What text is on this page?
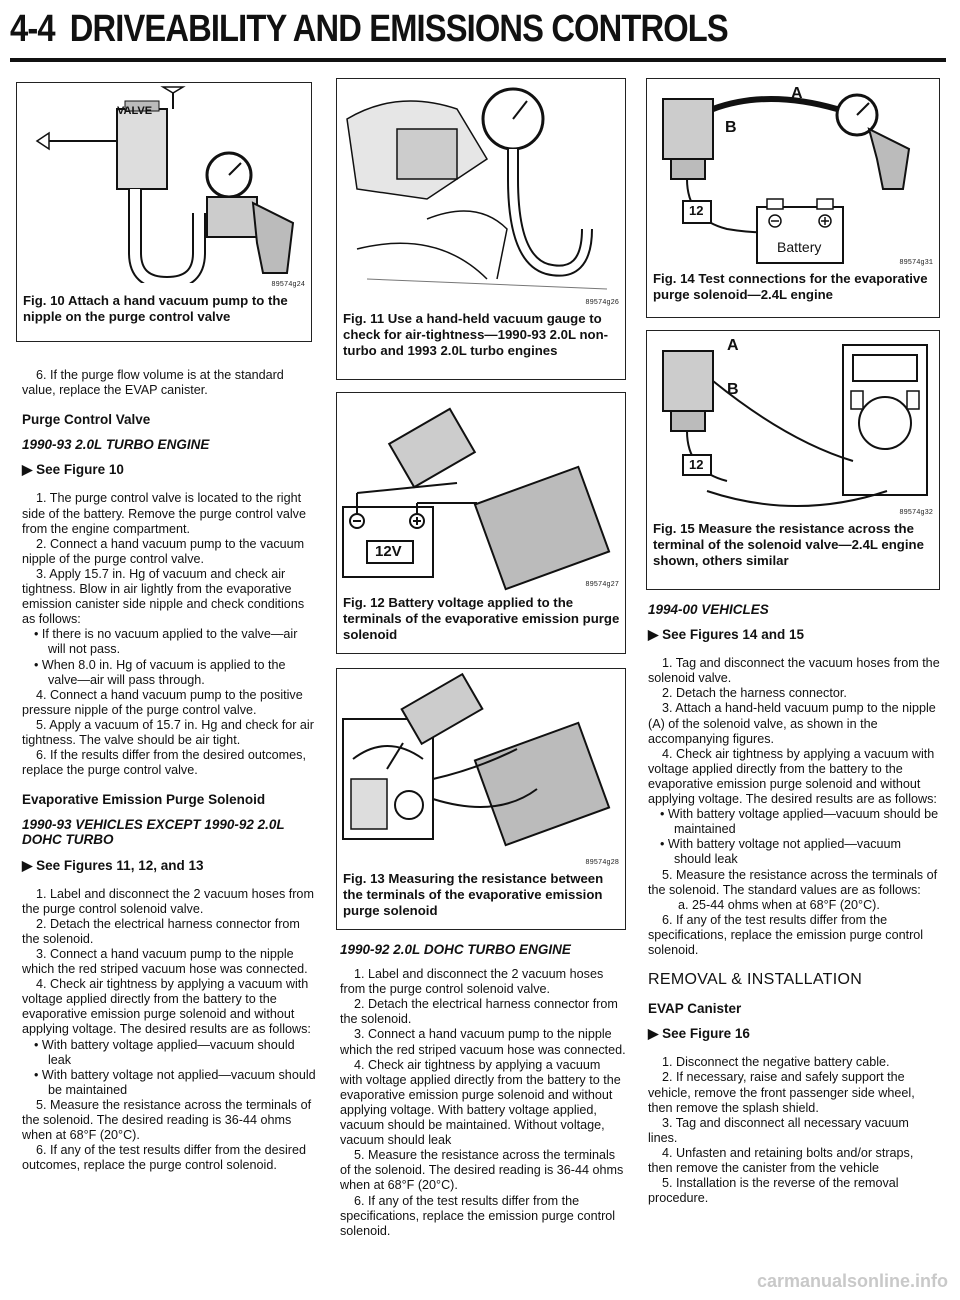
4-4 DRIVEABILITY AND EMISSIONS CONTROLS
VALVE
89574g24
Fig. 10 Attach a hand vacuum pump to the nipple on the purge control valve
89574g26
Fig. 11 Use a hand-held vacuum gauge to check for air-tightness—1990-93 2.0L non-turbo and 1993 2.0L turbo engines
12V
89574g27
Fig. 12 Battery voltage applied to the terminals of the evaporative emission purge solenoid
89574g28
Fig. 13 Measuring the resistance between the terminals of the evaporative emission purge solenoid
A
B
12
Battery
89574g31
Fig. 14 Test connections for the evaporative purge solenoid—2.4L engine
A
B
12
89574g32
Fig. 15 Measure the resistance across the terminal of the solenoid valve—2.4L engine shown, others similar

6. If the purge flow volume is at the standard value, replace the EVAP canister.

Purge Control Valve

1990-93 2.0L TURBO ENGINE

▶ See Figure 10

1. The purge control valve is located to the right side of the battery. Remove the purge control valve from the engine compartment.

2. Connect a hand vacuum pump to the vacuum nipple of the purge control valve.

3. Apply 15.7 in. Hg of vacuum and check air tightness. Blow in air lightly from the evaporative emission canister side nipple and check conditions as follows:

• If there is no vacuum applied to the valve—air will not pass.

• When 8.0 in. Hg of vacuum is applied to the valve—air will pass through.

4. Connect a hand vacuum pump to the positive pressure nipple of the purge control valve.

5. Apply a vacuum of 15.7 in. Hg and check for air tightness. The valve should be air tight.

6. If the results differ from the desired outcomes, replace the purge control valve.

Evaporative Emission Purge Solenoid

1990-93 VEHICLES EXCEPT 1990-92 2.0L DOHC TURBO

▶ See Figures 11, 12, and 13

1. Label and disconnect the 2 vacuum hoses from the purge control solenoid valve.

2. Detach the electrical harness connector from the solenoid.

3. Connect a hand vacuum pump to the nipple which the red striped vacuum hose was connected.

4. Check air tightness by applying a vacuum with voltage applied directly from the battery to the evaporative emission purge solenoid and without applying voltage. The desired results are as follows:

• With battery voltage applied—vacuum should leak

• With battery voltage not applied—vacuum should be maintained

5. Measure the resistance across the terminals of the solenoid. The desired reading is 36-44 ohms when at 68°F (20°C).

6. If any of the test results differ from the desired outcomes, replace the purge control solenoid.

1990-92 2.0L DOHC TURBO ENGINE

1. Label and disconnect the 2 vacuum hoses from the purge control solenoid valve.

2. Detach the electrical harness connector from the solenoid.

3. Connect a hand vacuum pump to the nipple which the red striped vacuum hose was connected.

4. Check air tightness by applying a vacuum with voltage applied directly from the battery to the evaporative emission purge solenoid and without applying voltage. With battery voltage applied, vacuum should be maintained. Without voltage, vacuum should leak

5. Measure the resistance across the terminals of the solenoid. The desired reading is 36-44 ohms when at 68°F (20°C).

6. If any of the test results differ from the specifications, replace the emission purge control solenoid.

1994-00 VEHICLES

▶ See Figures 14 and 15

1. Tag and disconnect the vacuum hoses from the solenoid valve.

2. Detach the harness connector.

3. Attach a hand-held vacuum pump to the nipple (A) of the solenoid valve, as shown in the accompanying figures.

4. Check air tightness by applying a vacuum with voltage applied directly from the battery to the evaporative emission purge solenoid and without applying voltage. The desired results are as follows:

• With battery voltage applied—vacuum should be maintained

• With battery voltage not applied—vacuum should leak

5. Measure the resistance across the terminals of the solenoid. The standard values are as follows:

a. 25-44 ohms when at 68°F (20°C).

6. If any of the test results differ from the specifications, replace the emission purge control solenoid.

REMOVAL & INSTALLATION

EVAP Canister

▶ See Figure 16

1. Disconnect the negative battery cable.

2. If necessary, raise and safely support the vehicle, remove the front passenger side wheel, then remove the splash shield.

3. Tag and disconnect all necessary vacuum lines.

4. Unfasten and retaining bolts and/or straps, then remove the canister from the vehicle

5. Installation is the reverse of the removal procedure.

carmanualsonline.info
